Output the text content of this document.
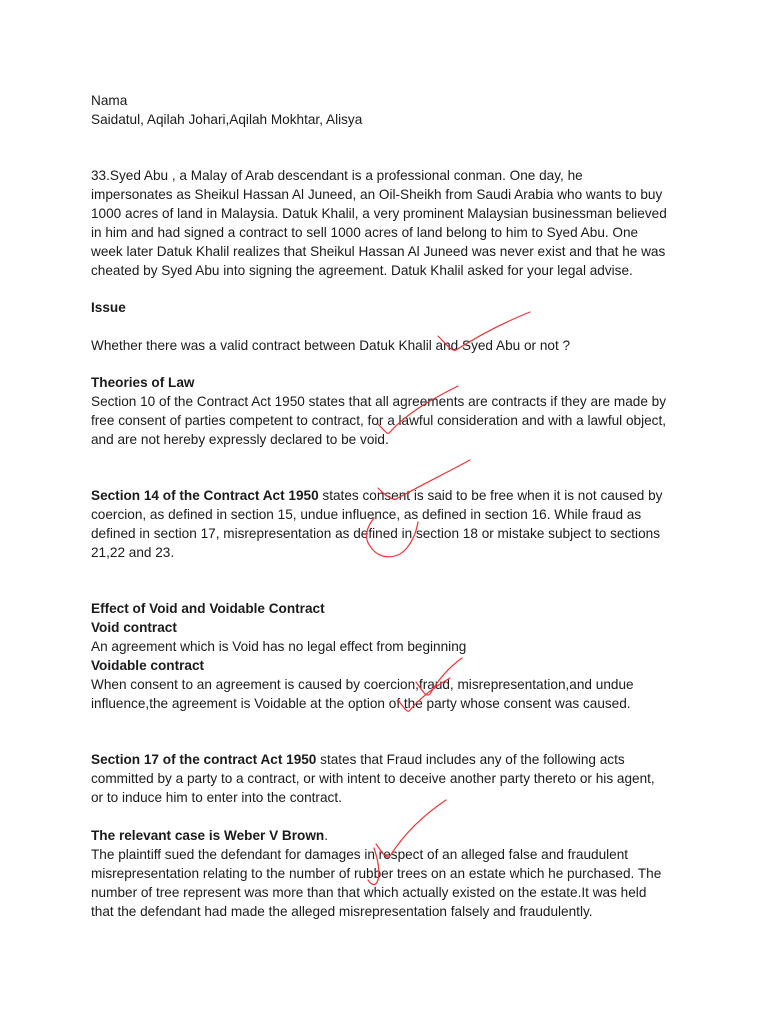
Nama
Saidatul, Aqilah Johari,Aqilah Mokhtar, Alisya
33.Syed Abu , a Malay of Arab descendant is a professional conman. One day, he
impersonates as Sheikul Hassan Al Juneed, an Oil-Sheikh from Saudi Arabia who wants to buy
1000 acres of land in Malaysia. Datuk Khalil, a very prominent Malaysian businessman believed
in him and had signed a contract to sell 1000 acres of land belong to him to Syed Abu. One
week later Datuk Khalil realizes that Sheikul Hassan Al Juneed was never exist and that he was
cheated by Syed Abu into signing the agreement. Datuk Khalil asked for your legal advise.
Issue
Whether there was a valid contract between Datuk Khalil and Syed Abu or not ?
Theories of Law
Section 10 of the Contract Act 1950 states that all agreements are contracts if they are made by
free consent of parties competent to contract, for a lawful consideration and with a lawful object,
and are not hereby expressly declared to be void.
Section 14 of the Contract Act 1950 states consent is said to be free when it is not caused by
coercion, as defined in section 15, undue influence, as defined in section 16. While fraud as
defined in section 17, misrepresentation as defined in section 18 or mistake subject to sections
21,22 and 23.
Effect of Void and Voidable Contract
Void contract
An agreement which is Void has no legal effect from beginning
Voidable contract
When consent to an agreement is caused by coercion,fraud, misrepresentation,and undue
influence,the agreement is Voidable at the option of the party whose consent was caused.
Section 17 of the contract Act 1950 states that Fraud includes any of the following acts
committed by a party to a contract, or with intent to deceive another party thereto or his agent,
or to induce him to enter into the contract.
The relevant case is Weber V Brown.
The plaintiff sued the defendant for damages in respect of an alleged false and fraudulent
misrepresentation relating to the number of rubber trees on an estate which he purchased. The
number of tree represent was more than that which actually existed on the estate.It was held
that the defendant had made the alleged misrepresentation falsely and fraudulently.
